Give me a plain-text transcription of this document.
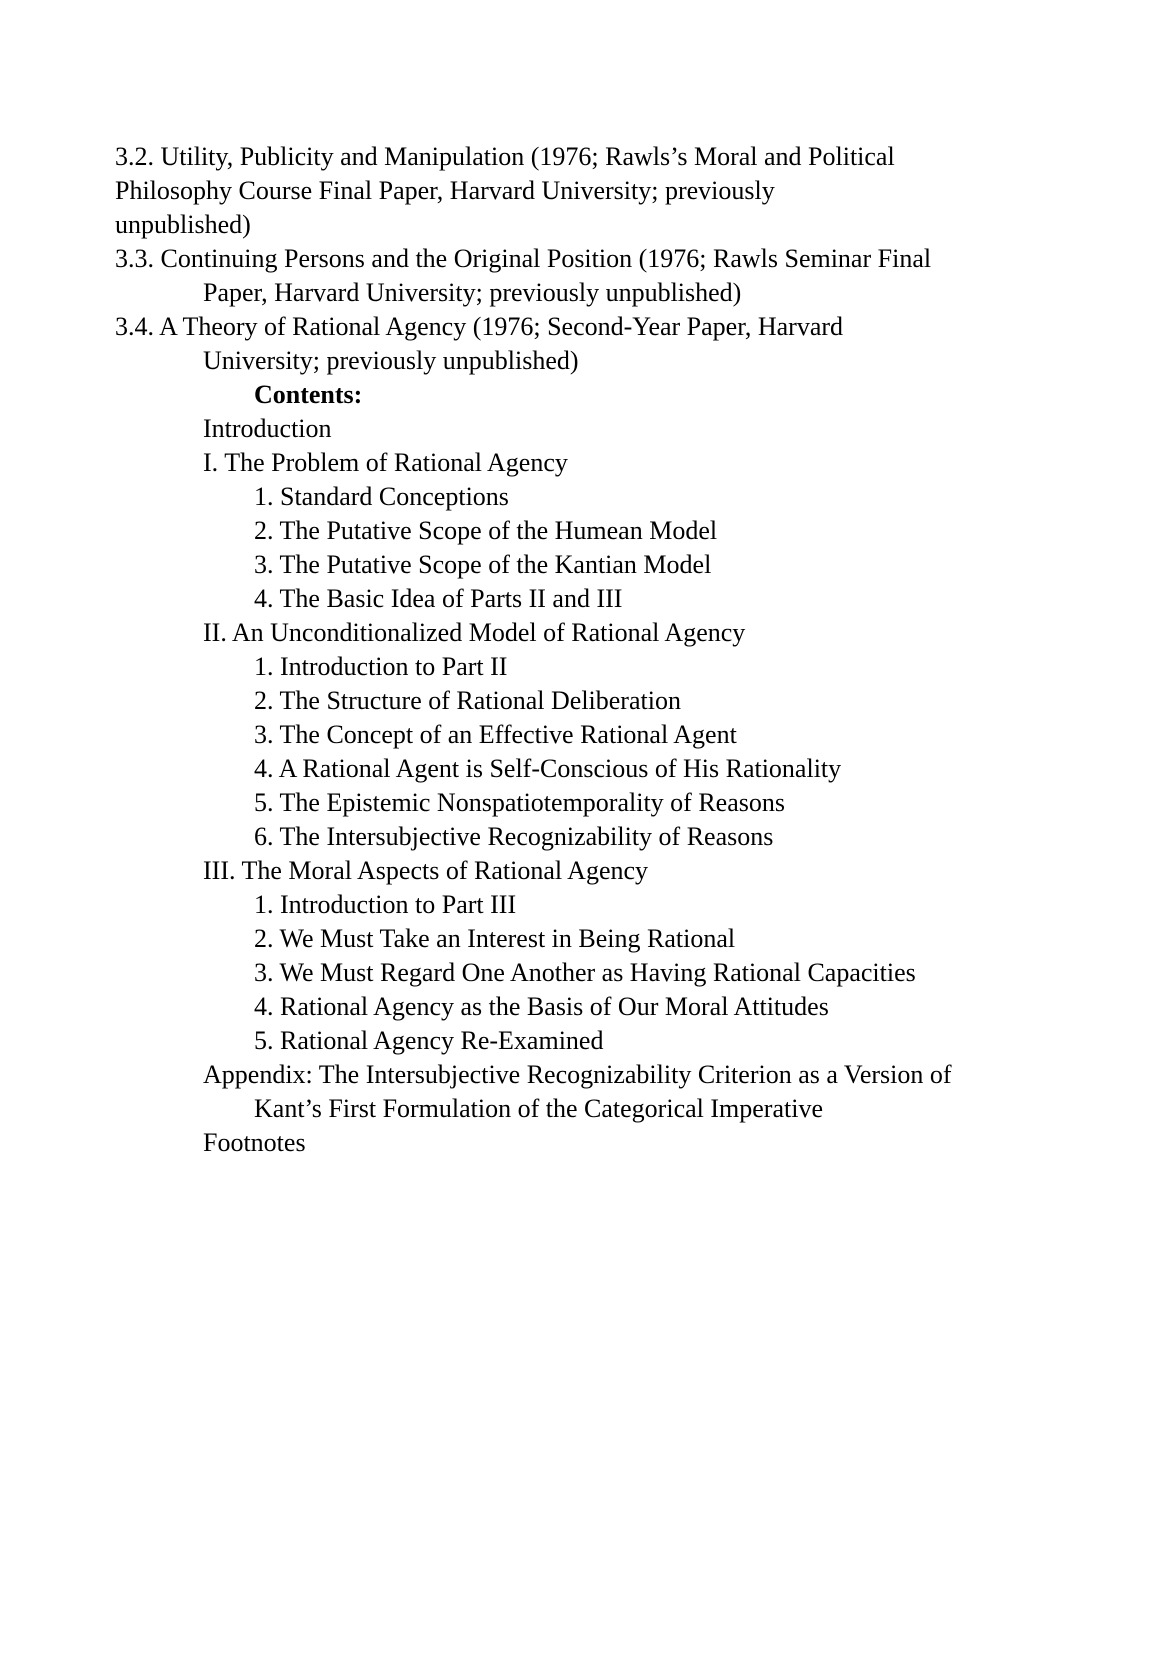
3.2. Utility, Publicity and Manipulation (1976; Rawls’s Moral and Political
Philosophy Course Final Paper, Harvard University; previously
unpublished)
3.3. Continuing Persons and the Original Position (1976; Rawls Seminar Final
Paper, Harvard University; previously unpublished)
3.4. A Theory of Rational Agency (1976; Second-Year Paper, Harvard
University; previously unpublished)
Contents:
Introduction
I. The Problem of Rational Agency
1. Standard Conceptions
2. The Putative Scope of the Humean Model
3. The Putative Scope of the Kantian Model
4. The Basic Idea of Parts II and III
II. An Unconditionalized Model of Rational Agency
1. Introduction to Part II
2. The Structure of Rational Deliberation
3. The Concept of an Effective Rational Agent
4. A Rational Agent is Self-Conscious of His Rationality
5. The Epistemic Nonspatiotemporality of Reasons
6. The Intersubjective Recognizability of Reasons
III. The Moral Aspects of Rational Agency
1. Introduction to Part III
2. We Must Take an Interest in Being Rational
3. We Must Regard One Another as Having Rational Capacities
4. Rational Agency as the Basis of Our Moral Attitudes
5. Rational Agency Re-Examined
Appendix: The Intersubjective Recognizability Criterion as a Version of
Kant’s First Formulation of the Categorical Imperative
Footnotes
